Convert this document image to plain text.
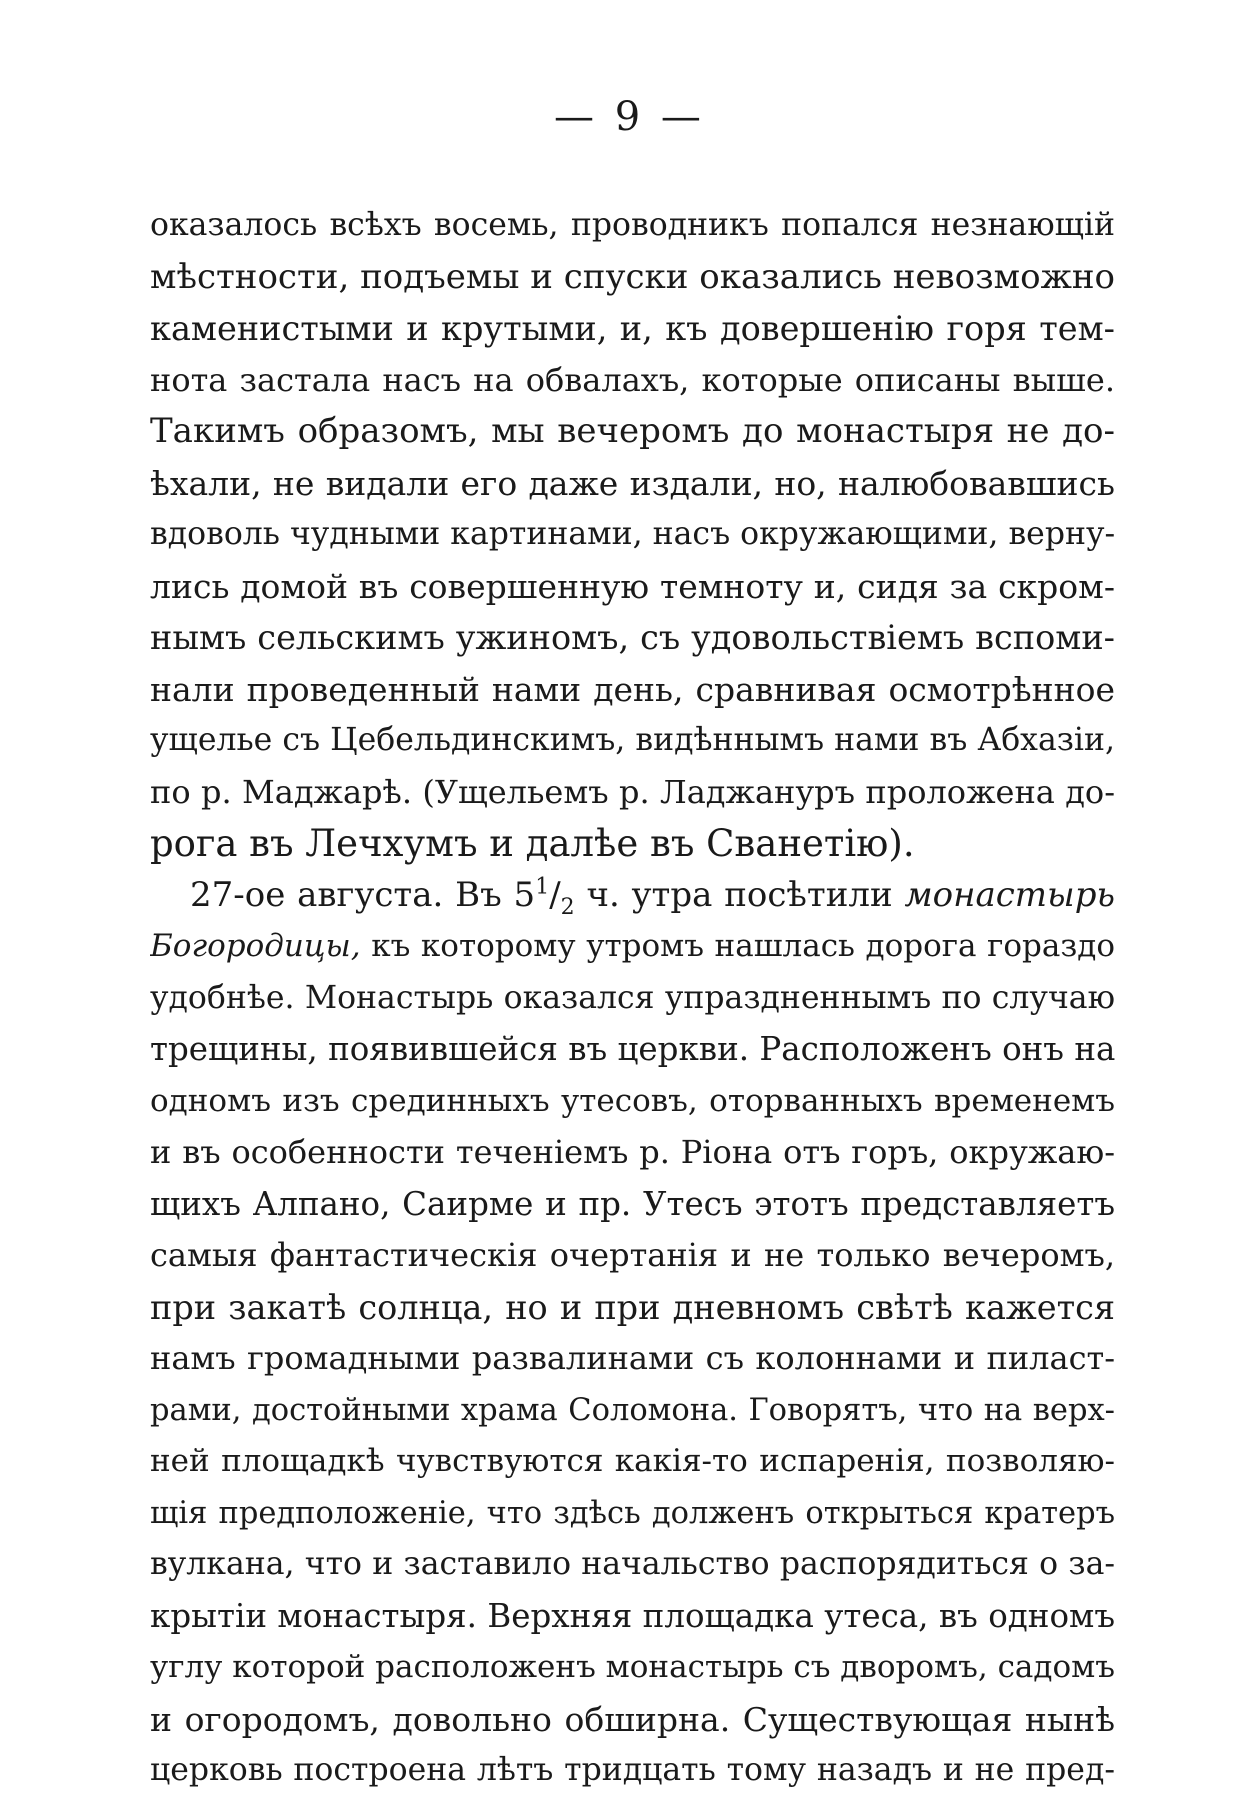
— 9 —
оказалось всѣхъ восемь, проводникъ попался незнающій
мѣстности, подъемы и спуски оказались невозможно
каменистыми и крутыми, и, къ довершенію горя тем-
нота застала насъ на обвалахъ, которые описаны выше.
Такимъ образомъ, мы вечеромъ до монастыря не до-
ѣхали, не видали его даже издали, но, налюбовавшись
вдоволь чудными картинами, насъ окружающими, верну-
лись домой въ совершенную темноту и, сидя за скром-
нымъ сельскимъ ужиномъ, съ удовольствіемъ вспоми-
нали проведенный нами день, сравнивая осмотрѣнное
ущелье съ Цебельдинскимъ, видѣннымъ нами въ Абхазіи,
по р. Маджарѣ. (Ущельемъ р. Ладжануръ проложена до-
рога въ Лечхумъ и далѣе въ Сванетію).
27-ое августа. Въ $5^1/_2$ ч. утра посѣтили монастырь
Богородицы, къ которому утромъ нашлась дорога гораздо
удобнѣе. Монастырь оказался упраздненнымъ по случаю
трещины, появившейся въ церкви. Расположенъ онъ на
одномъ изъ срединныхъ утесовъ, оторванныхъ временемъ
и въ особенности теченіемъ р. Ріона отъ горъ, окружаю-
щихъ Алпано, Саирме и пр. Утесъ этотъ представляетъ
самыя фантастическія очертанія и не только вечеромъ,
при закатѣ солнца, но и при дневномъ свѣтѣ кажется
намъ громадными развалинами съ колоннами и пиласт-
рами, достойными храма Соломона. Говорятъ, что на верх-
ней площадкѣ чувствуются какія-то испаренія, позволяю-
щія предположеніе, что здѣсь долженъ открыться кратеръ
вулкана, что и заставило начальство распорядиться о за-
крытіи монастыря. Верхняя площадка утеса, въ одномъ
углу которой расположенъ монастырь съ дворомъ, садомъ
и огородомъ, довольно обширна. Существующая нынѣ
церковь построена лѣтъ тридцать тому назадъ и не пред-
